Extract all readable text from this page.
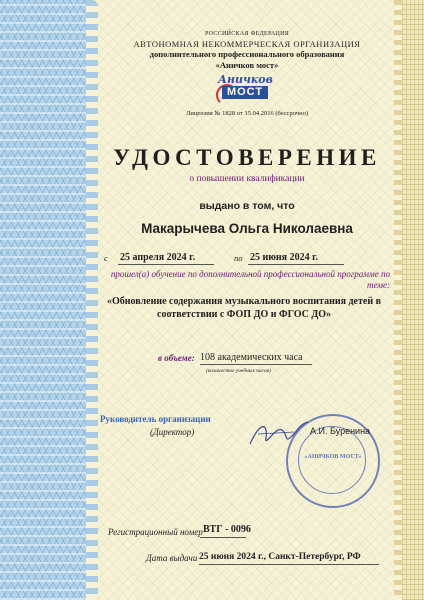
РОССИЙСКАЯ ФЕДЕРАЦИЯ
АВТОНОМНАЯ НЕКОММЕРЧЕСКАЯ ОРГАНИЗАЦИЯ
дополнительного профессионального образования
«Аничков мост»
Аничков
МОСТ
Лицензия № 1828 от 15.04.2016 (бессрочно)
УДОСТОВЕРЕНИЕ
о повышении квалификации
выдано в том, что
Макарычева Ольга Николаевна
с 25 апреля 2024 г.	по 25 июня 2024 г.
прошел(а) обучение по дополнительной профессиональной программе по теме:
«Обновление содержания музыкального воспитания детей в соответствии с ФОП ДО и ФГОС ДО»
в объеме: 108 академических часа
(количество учебных часов)
«АНИЧКОВ МОСТ»
Руководитель организации
(Директор)	А.И. Буренина
Регистрационный номер ВТГ - 0096
Дата выдачи 25 июня 2024 г., Санкт-Петербург, РФ
